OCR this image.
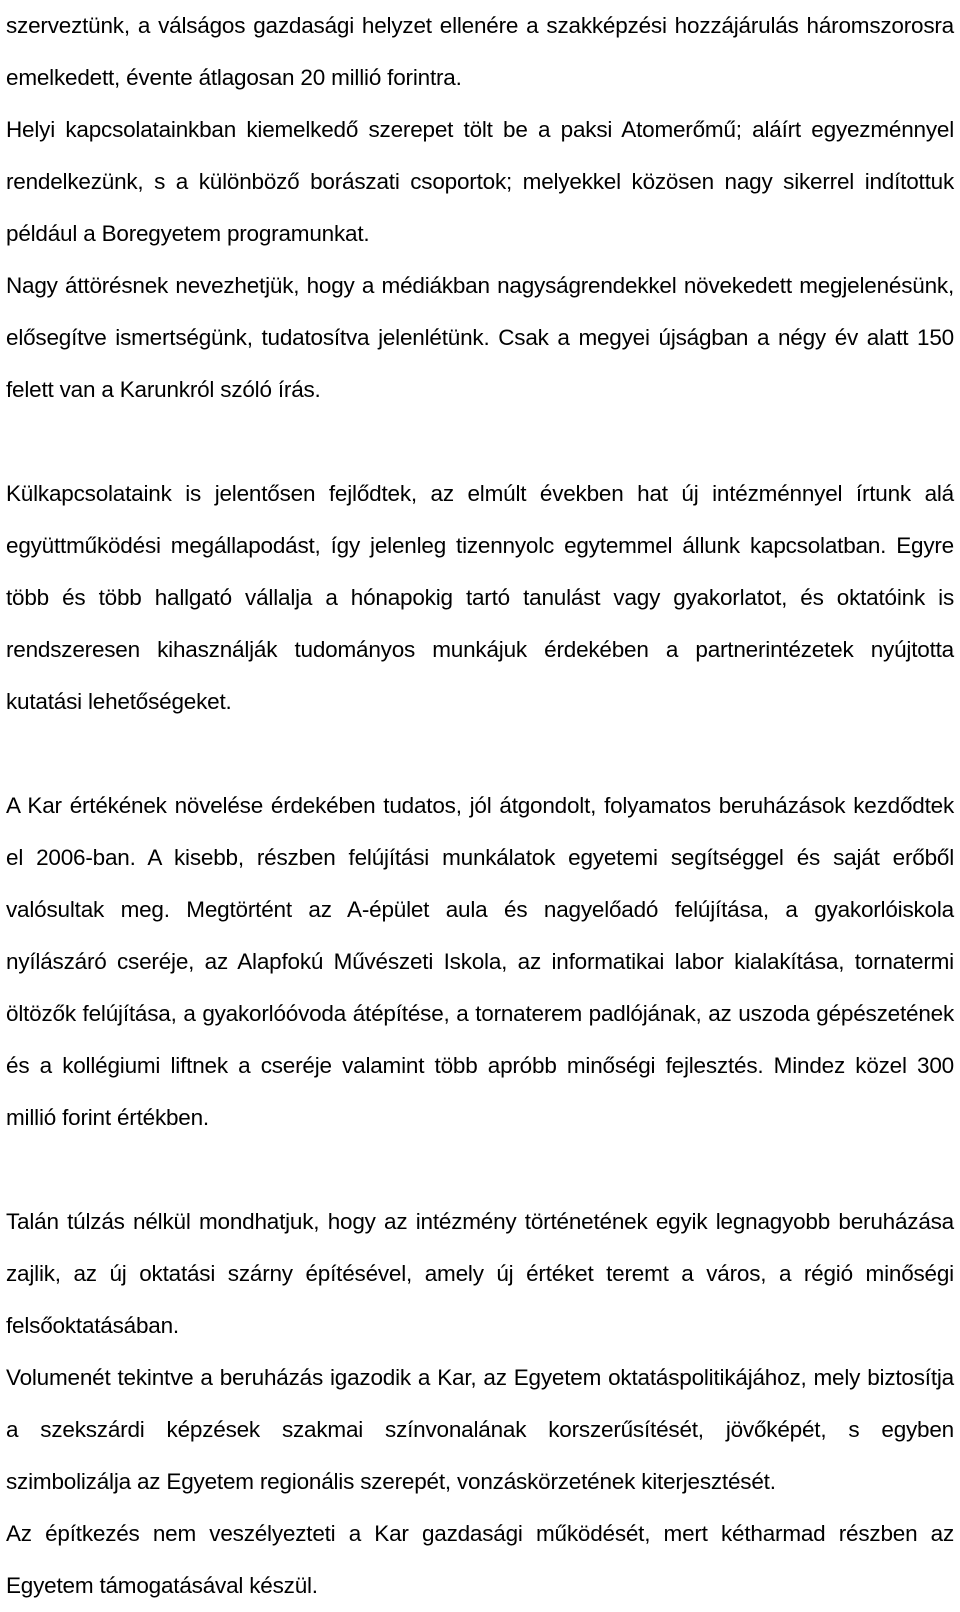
szerveztünk, a válságos gazdasági helyzet ellenére a szakképzési hozzájárulás háromszorosra emelkedett, évente átlagosan 20 millió forintra.

Helyi kapcsolatainkban kiemelkedő szerepet tölt be a paksi Atomerőmű; aláírt egyezménnyel rendelkezünk, s a különböző borászati csoportok; melyekkel közösen nagy sikerrel indítottuk például a Boregyetem programunkat.

Nagy áttörésnek nevezhetjük, hogy a médiákban nagyságrendekkel növekedett megjelenésünk, elősegítve ismertségünk, tudatosítva jelenlétünk. Csak a megyei újságban a négy év alatt 150 felett van a Karunkról szóló írás.

Külkapcsolataink is jelentősen fejlődtek, az elmúlt években hat új intézménnyel írtunk alá együttműködési megállapodást, így jelenleg tizennyolc egytemmel állunk kapcsolatban. Egyre több és több hallgató vállalja a hónapokig tartó tanulást vagy gyakorlatot, és oktatóink is rendszeresen kihasználják tudományos munkájuk érdekében a partnerintézetek nyújtotta kutatási lehetőségeket.

A Kar értékének növelése érdekében tudatos, jól átgondolt, folyamatos beruházások kezdődtek el 2006-ban. A kisebb, részben felújítási munkálatok egyetemi segítséggel és saját erőből valósultak meg. Megtörtént az A-épület aula és nagyelőadó felújítása, a gyakorlóiskola nyílászáró cseréje, az Alapfokú Művészeti Iskola, az informatikai labor kialakítása, tornatermi öltözők felújítása, a gyakorlóóvoda átépítése, a tornaterem padlójának, az uszoda gépészetének és a kollégiumi liftnek a cseréje valamint több apróbb minőségi fejlesztés. Mindez közel 300 millió forint értékben.

Talán túlzás nélkül mondhatjuk, hogy az intézmény történetének egyik legnagyobb beruházása zajlik, az új oktatási szárny építésével, amely új értéket teremt a város, a régió minőségi felsőoktatásában.

Volumenét tekintve a beruházás igazodik a Kar, az Egyetem oktatáspolitikájához, mely biztosítja a szekszárdi képzések szakmai színvonalának korszerűsítését, jövőképét, s egyben szimbolizálja az Egyetem regionális szerepét, vonzáskörzetének kiterjesztését.

Az építkezés nem veszélyezteti a Kar gazdasági működését, mert kétharmad részben az Egyetem támogatásával készül.
